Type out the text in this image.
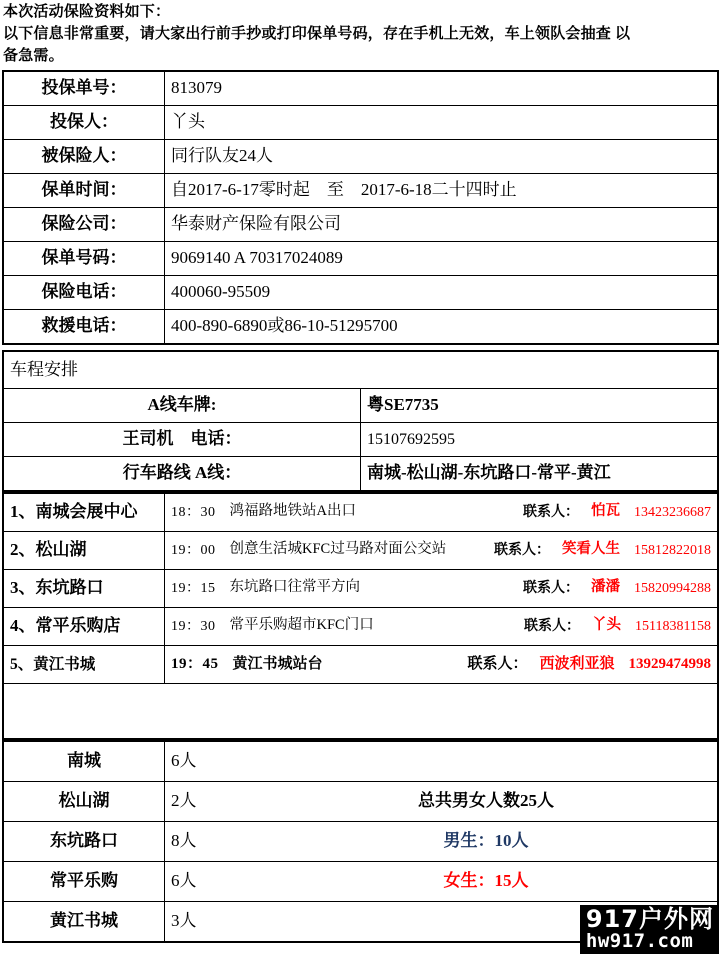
本次活动保险资料如下：
以下信息非常重要，请大家出行前手抄或打印保单号码，存在手机上无效，车上领队会抽查 以
备急需。
投保单号：	813079
投保人：	丫头
被保险人：	同行队友24人
保单时间：	自2017-6-17零时起　至　2017-6-18二十四时止
保险公司：	华泰财产保险有限公司
保单号码：	9069140 A 70317024089
保险电话：	400060-95509
救援电话：	400-890-6890或86-10-51295700
车程安排	
A线车牌:	粤SE7735
王司机　电话：	15107692595
行车路线 A线：	南城-松山湖-东坑路口-常平-黄江
1、南城会展中心	18：30 鸿福路地铁站A出口 联系人： 怕瓦 13423236687

2、松山湖	19：00 创意生活城KFC过马路对面公交站 联系人： 笑看人生 15812822018

3、东坑路口	19：15 东坑路口往常平方向 联系人： 潘潘 15820994288

4、常平乐购店	19：30 常平乐购超市KFC门口 联系人： 丫头 15118381158

5、黄江书城	19：45 黄江书城站台 联系人： 西波利亚狼 13929474998

南城	6人

松山湖	2人 总共男女人数25人

东坑路口	8人 男生：10人

常平乐购	6人 女生：15人

黄江书城	3人	917户外网
hw917.com
